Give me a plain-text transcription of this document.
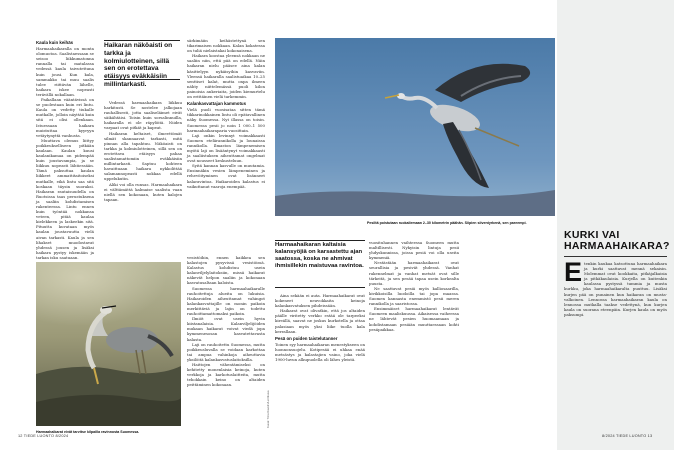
Kaula kuin keihäs

Harmaahaikaralla on monta olomuotoa. Saalistaessaan se seisoo liikkumatonna rannalla tai matalassa vedessä kaula taivutettuna kuin jousi. Kun kala, sammakko tai muu saalis tulee riittävän lähelle, haikara iskee nopeasti terävällä nokallaan.

Paikallaan vääntävissä on se puolestaan kuin eri lintu. Kaula on vedetty tiukalle mutkalle, jolloin näyttää kuin sitä ei olisi ollenkaan. Istuessaan haikara muistuttaa kyyryyn vetäytynyttä vanhusta.

Muuttava olemus liittyy poikkeukselliseen pitkään kaulaan. Kaulan kuusi kaulanikamaa on pidempää kuin joustavampia, ja se liikkuu nopeasti lähtiessään. Tämä paksuttaa kaulan liikkeet ammattitaitoiseksi mutkalle, eikä lintu saa sitä koskaan täysin suoraksi. Haikaran rautaisuudella on Ruotsissa taas perustuksena ja saaliin kohdistamisen rakenteessa. Lintu ennen kuin työntää nokkansa veteen, pitää kaulaa kielekkeen ja laskeekin sitä. Pituutta kuvataan myös kaulan joustavuutta vielä aivan tarkasti. Kaula ja sen lihakset muodostavat yhdessä jousen ja lisäksi haikara pystyy iskemään ja tarkan isku saatuaan.

Haikaran näköaisti on tarkka ja kolmiulotteinen, sillä sen on erotettava etäisyys eväkkäisiin millintarkasti.

Vedessä harmaahaikara liikkuu harkitusti. Se nostelee jalkojaan rauhallisesti, jotta saaliseläimet eivät säikähtäisi. Toisin kuin sorsalinnuilla, haikaralla ei ole räpylöitä. Niiden varpaat ovat pitkät ja kapeat.

Haikaran keltaiset, ilmeettömät silmät skannaavat tarkasti, mitä pinnan alla tapahtuu. Näköaisti on tarkka ja kolmiulotteinen, sillä sen on erotettava etäisyys pahaa saalistamattomiin eväkkäisiin millintarkasti. Saptuu kohteen havaittuaan haikara nykkolittää salamannopeasti nokkaa edellä uppelukutin.

Aliki voi olla runsas. Harmaahaikara ei välttämättä kalmaise saalista vaan niellä sen kokonaan, kuten kalojen tapaan.

särkimäiin keihästettynä sen tikarimaisen nokkaan. Kalan kokatessa on tuliä nielaistakai kokonaisena.

Haikara koostaa yleensä nokkaan ne saaliin niin, että pää on edellä. Näin haikaran nielu pääsee aina kalan käsittelyyn nykäisyihin kasvaviin. Yleensä haikaralla saalistuaikaa 10–25 senttiset kalat, mutta onpa ilmeen nähty niittelemässä puoli kilon painoisia ankeriaita, joiden kiemurtelu on erittäinen vielä tarkemmin.

Kalankasvattajan kammotus

Vielä puoli vuosisataa sitten tämä tikkarinokkainen lintu oli epätavallinen näky Suomessa. Nyt illassa on toisin. Suomessa pesii jo noin 1 000–1 500 harmaahaikaraparia vuosittain.

Laji onkin levinnyt voimakkaasti Suomen etelärannikolla ja lounaissa rannikolla. Ilmaston lämpenemisen myötä laji on lisääntynyt voimakkaasti ja saaliistuksen aiheuttamat ongelmat ovat nousseet keskusteluun.

Syitä kannan kasvulle on muutamia. Ensinnäkin vesien lämpeneminen ja rehevöityminen ovat lisänneet kalaravintoa. Haikaroiden kalastus ei vaikuttanut vaaroja enempää.

Harmaahaikarat eivät tarvitse kilpailla ravinnosta Suomessa.

vesistöihin, ennen kaikkea sen kalastojen pysyvissä vesistöissä. Kalastus kohdistuu usein kalanviljelylaitoksiin, missä haikarat näkevät helpon saaliin ja kokonaan kasvatusaltaan kaloista.

Suomessa harmaahaikaralle rauhoitettuja alueita on lukuisia. Haikaroiden aiheuttamat vahingot kalankasvattajille on monin paikoin merkittäviä ja lajin on todettu rauhoittamattomaksi paikoin.

Ilmiöt ovat usein hyvin kiistanalaisia. Kalanviljelijöiden mukaan haikarat voivat viedä jopa kymmenesosan kasvatettavasta kalasta.

Laji on rauhoitettu Suomessa, mutta poikkeusluvalla se voidaan karkottaa tai ampua vahinkoja aiheuttavia yksilöitä kalankasvatuslaitoksilla.

Haittojen vähentämiseksi on kehitetty monenlaisia keinoja, kuten verkkoja ja karkotuslaitteita, mutta tehokkain keino on altaiden peittäminen kokonaan.

Kuvat: Tiina Ravelin/Lehtikuva
Pesiltä poistutaan ruokailemaan 2–30 kilometrin päähän. Siipien siiventyrkenä, sen pareempi.
Harmaahaikaran kaltaisia kalansyöjiä on karsastettu ajan saatossa, koska ne ahmivat ihmisillekin maistuvaa ravintoa.

Aina sekään ei auta. Harmaahaikarat ovat kokeneet neuvokkaita keinoja kalankasvatuksen pihdeissään.

Haikarat ovat olivatkin, että jos altaiden päälle viritetty verkko estää ole tarpeeksi kireällä, saavat ne joskus kurkotella ja ottaa palasiaan myös yksi liike tuolla kala kerrallaan.

Pesä on puiden taistelutanner

Toinen syy harmaahaikaran menestykseen on luonnonsuojelu. Kotipesää ei uhkaa enää metsästys ja kalastajien vaino, joka vielä 1900-luvun alkupuolella oli lähes yleistä.

vuosituhannen vaihteessa Suomeen mutta maltillisesti. Nykyisin lintuja pesii yhdyskunnissa, joissa pesiä voi olla useita kymmeniä.

Nestästään harmaahaikarat ovat seurallisia ja pesivät yhdessä. Vanhat rakennelmat ja vanhat metsät ovat sille tärkeitä, ja sen pesää tapaa usein korkealta puusta.

Ne saattavat pesiä myös kalliosaarilla, kivikkoisilla luodoilla tai jopa maassa. Suomen kannasta enemmistö pesii meren rannikolla ja saaristossa.

Ensimmäiset harmaahaikarat lentävät Suomeen maaliskuussa. Aikaisessa vaiheessa ne lähtevät pesien huomaamaan ja kohdistamaan pesiään muuttaessaan kohti pesäpaikkaa.

KURKI VAI HARMAAHAIKARA?
E tenkin kaukaa katsottuna harmaahaikara ja kurki saattavat mennä sekaisin. Molemmat ovat kookkaita, pitkäjalkaisia ja pitkäkaulaisia. Kurjella on kuitenkin kaulassa pystyssä tummia ja musta kurkku, joka harmaahaikaralta puuttuu. Lisäksi kurjen pää on punainen kun haikaran on musta-valkoinen. Lennossa harmaahaikaran kaula on lennossa mutkalla taakse vedettynä, kun kurjen kaula on suorana eteenpäin. Kurjen kaula on myös paksumpi.
12 TIEDE LUONTO 8/2024	8/2024 TIEDE LUONTO 13
